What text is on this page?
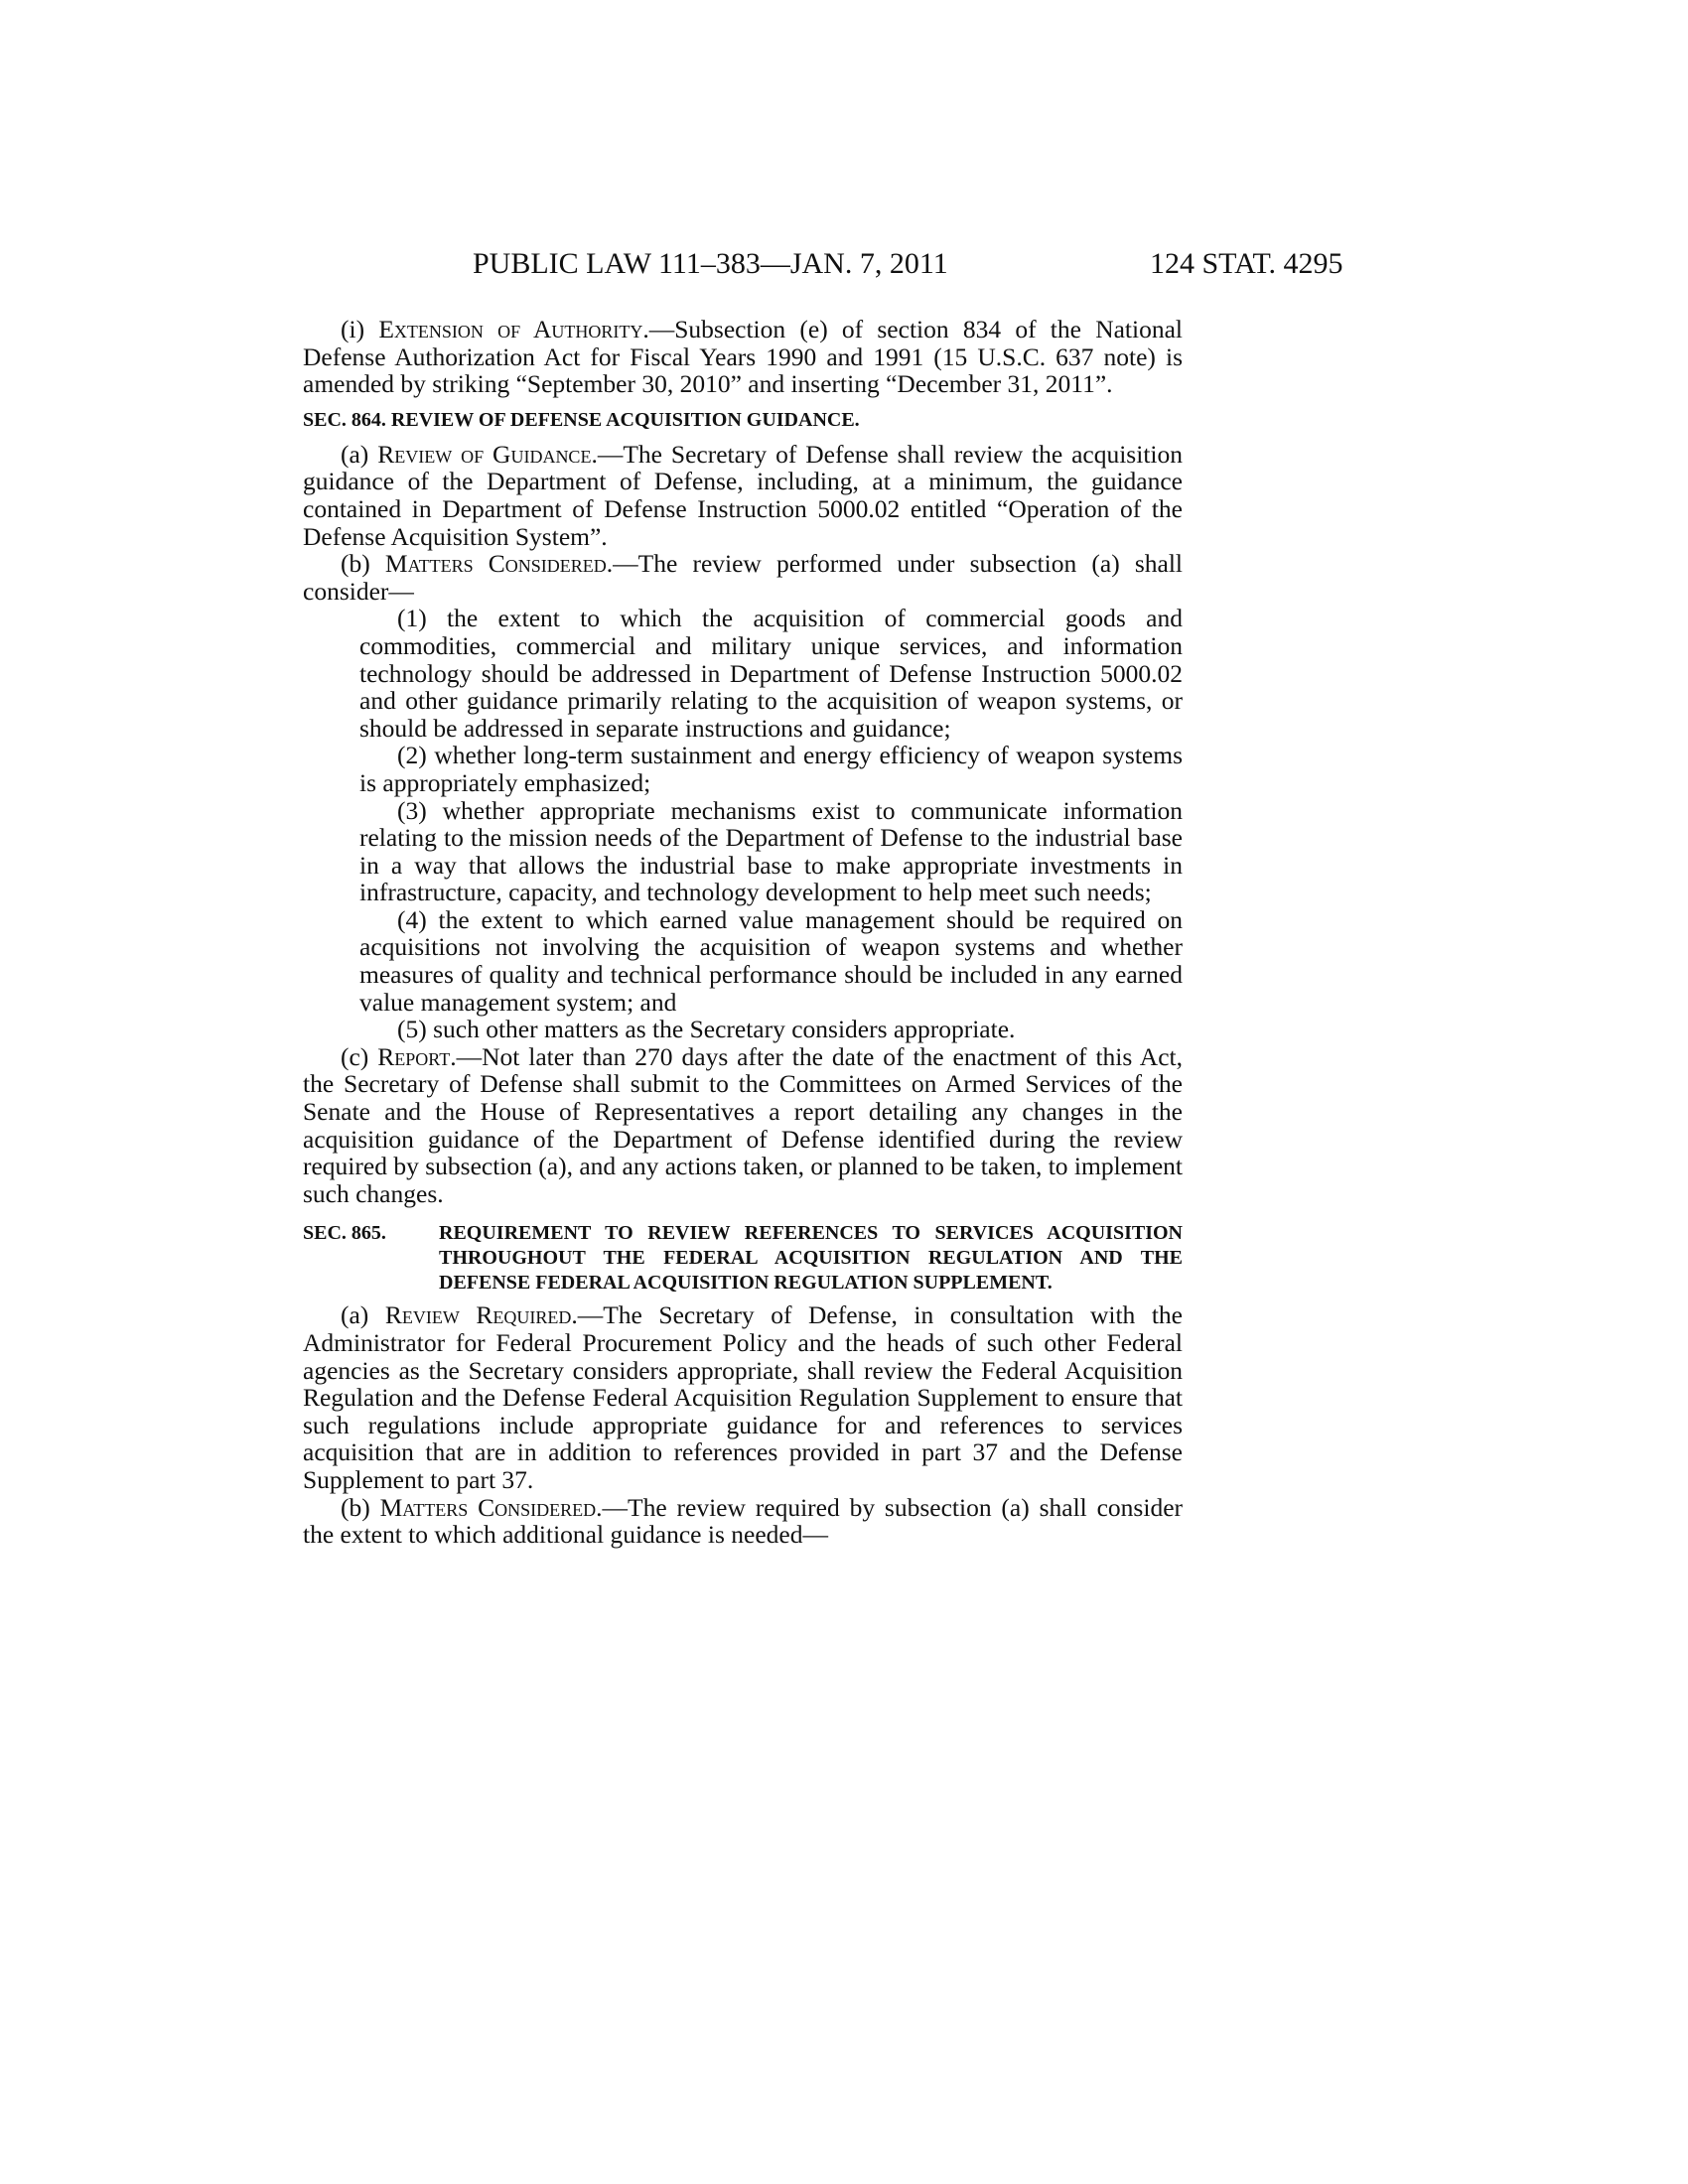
PUBLIC LAW 111–383—JAN. 7, 2011	124 STAT. 4295

(i) Extension of Authority.—Subsection (e) of section 834 of the National Defense Authorization Act for Fiscal Years 1990 and 1991 (15 U.S.C. 637 note) is amended by striking “September 30, 2010” and inserting “December 31, 2011”.

SEC. 864. REVIEW OF DEFENSE ACQUISITION GUIDANCE.

(a) Review of Guidance.—The Secretary of Defense shall review the acquisition guidance of the Department of Defense, including, at a minimum, the guidance contained in Department of Defense Instruction 5000.02 entitled “Operation of the Defense Acquisition System”.

(b) Matters Considered.—The review performed under subsection (a) shall consider—

(1) the extent to which the acquisition of commercial goods and commodities, commercial and military unique services, and information technology should be addressed in Department of Defense Instruction 5000.02 and other guidance primarily relating to the acquisition of weapon systems, or should be addressed in separate instructions and guidance;

(2) whether long-term sustainment and energy efficiency of weapon systems is appropriately emphasized;

(3) whether appropriate mechanisms exist to communicate information relating to the mission needs of the Department of Defense to the industrial base in a way that allows the industrial base to make appropriate investments in infrastructure, capacity, and technology development to help meet such needs;

(4) the extent to which earned value management should be required on acquisitions not involving the acquisition of weapon systems and whether measures of quality and technical performance should be included in any earned value management system; and

(5) such other matters as the Secretary considers appropriate.

(c) Report.—Not later than 270 days after the date of the enactment of this Act, the Secretary of Defense shall submit to the Committees on Armed Services of the Senate and the House of Representatives a report detailing any changes in the acquisition guidance of the Department of Defense identified during the review required by subsection (a), and any actions taken, or planned to be taken, to implement such changes.

SEC. 865.	REQUIREMENT TO REVIEW REFERENCES TO SERVICES ACQUISITION THROUGHOUT THE FEDERAL ACQUISITION REGULATION AND THE DEFENSE FEDERAL ACQUISITION REGULATION SUPPLEMENT.

(a) Review Required.—The Secretary of Defense, in consultation with the Administrator for Federal Procurement Policy and the heads of such other Federal agencies as the Secretary considers appropriate, shall review the Federal Acquisition Regulation and the Defense Federal Acquisition Regulation Supplement to ensure that such regulations include appropriate guidance for and references to services acquisition that are in addition to references provided in part 37 and the Defense Supplement to part 37.

(b) Matters Considered.—The review required by subsection (a) shall consider the extent to which additional guidance is needed—
